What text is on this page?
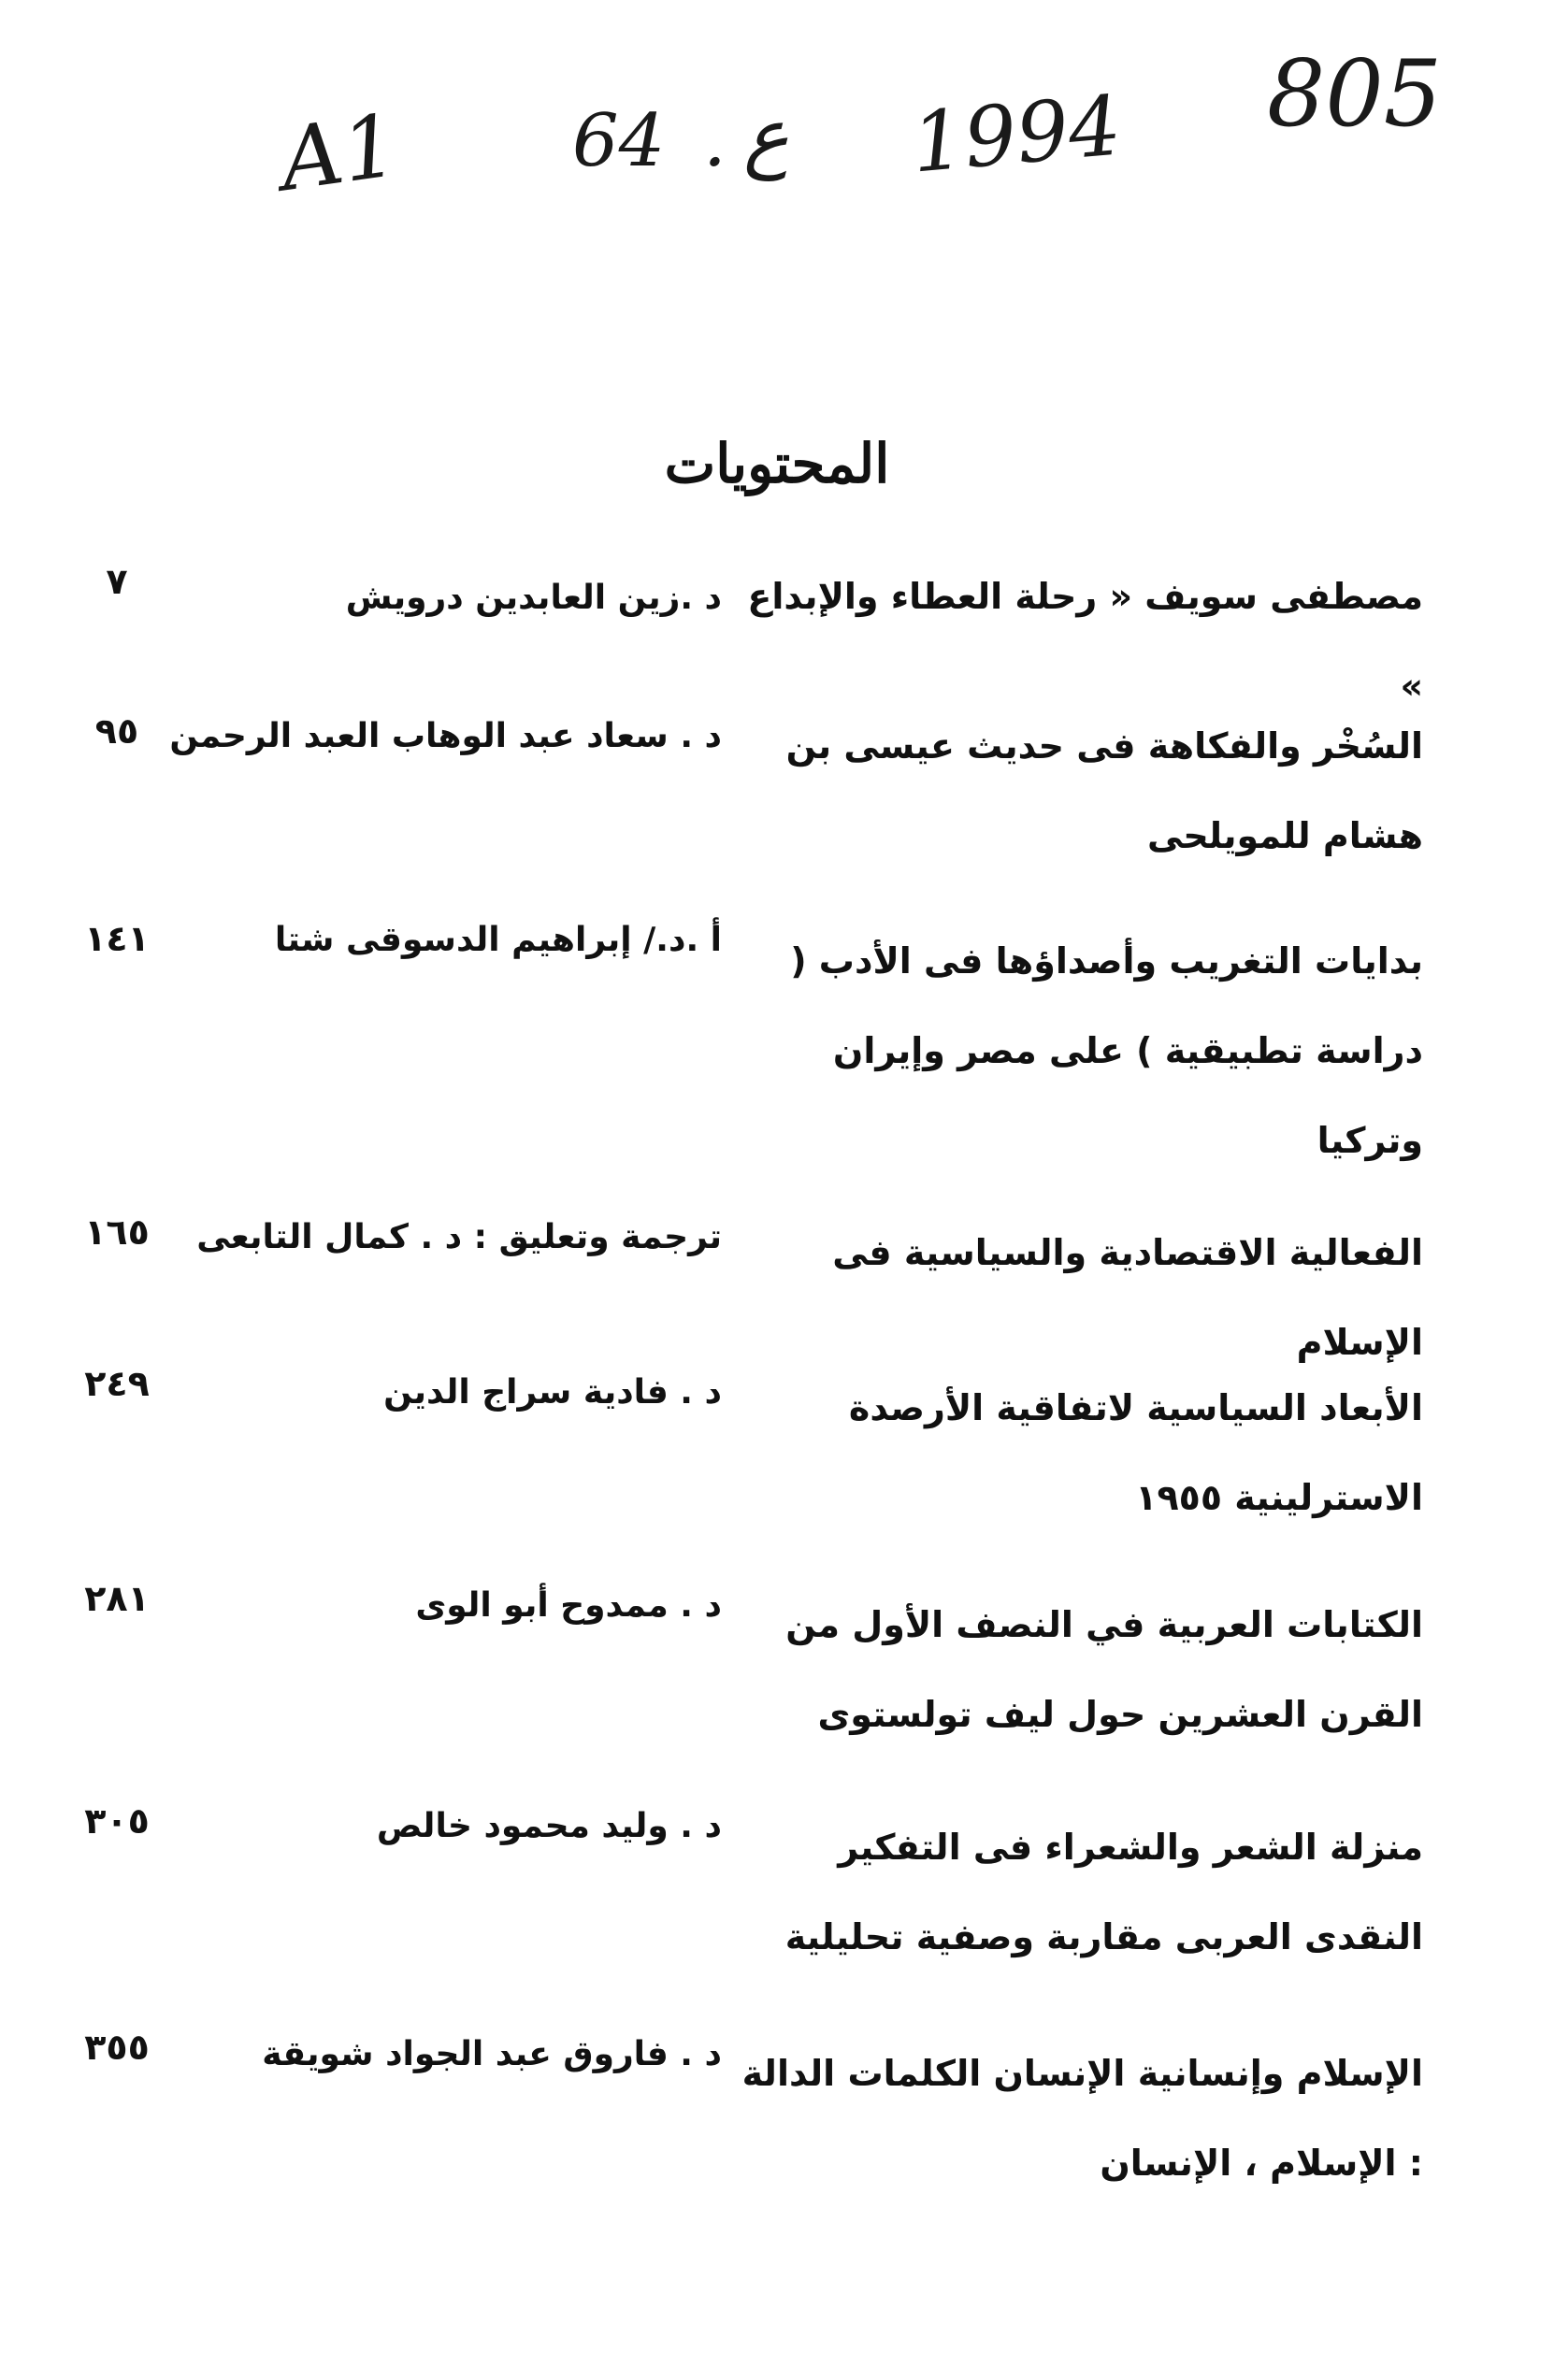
A1 64 . ع 1994 805
المحتويات
مصطفى سويف « رحلة العطاء والإبداع »
د .زين العابدين درويش
٧
السُخْر والفكاهة فى حديث عيسى بن هشام للمويلحى
د . سعاد عبد الوهاب العبد الرحمن
٩٥
بدايات التغريب وأصداؤها فى الأدب ( دراسة تطبيقية ) على مصر وإيران وتركيا
أ .د./ إبراهيم الدسوقى شتا
١٤١
الفعالية الاقتصادية والسياسية فى الإسلام
ترجمة وتعليق : د . كمال التابعى
١٦٥
الأبعاد السياسية لاتفاقية الأرصدة الاسترلينية ١٩٥٥
د . فادية سراج الدين
٢٤٩
الكتابات العربية في النصف الأول من القرن العشرين حول ليف تولستوى
د . ممدوح أبو الوى
٢٨١
منزلة الشعر والشعراء فى التفكير النقدى العربى مقاربة وصفية تحليلية
د . وليد محمود خالص
٣٠٥
الإسلام وإنسانية الإنسان الكلمات الدالة : الإسلام ، الإنسان
د . فاروق عبد الجواد شويقة
٣٥٥
